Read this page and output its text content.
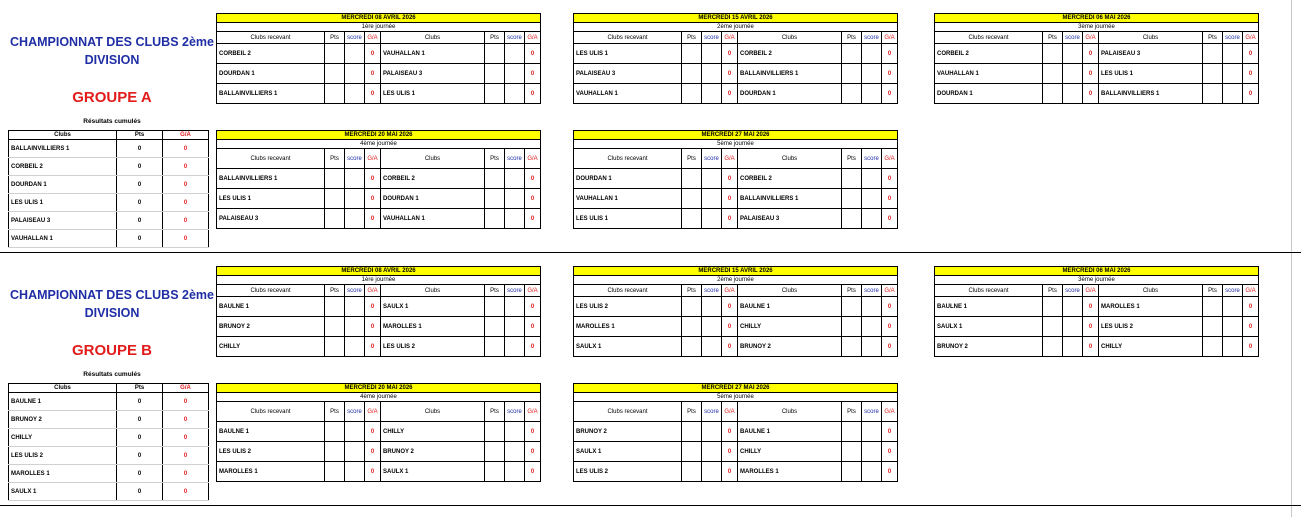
CHAMPIONNAT DES CLUBS 2ème DIVISION
GROUPE A
Résultats cumulés
Clubs	Pts	G/A
BALLAINVILLIERS 1	0	0
CORBEIL 2	0	0
DOURDAN 1	0	0
LES ULIS 1	0	0
PALAISEAU 3	0	0
VAUHALLAN 1	0	0
MERCREDI 08 AVRIL 2026							
1ère journée							
Clubs recevant	Pts	score	G/A	Clubs	Pts	score	G/A
CORBEIL 2			0	VAUHALLAN 1			0
DOURDAN 1			0	PALAISEAU 3			0
BALLAINVILLIERS 1			0	LES ULIS 1			0
MERCREDI 15 AVRIL 2026							
2ème journée							
Clubs recevant	Pts	score	G/A	Clubs	Pts	score	G/A
LES ULIS 1			0	CORBEIL 2			0
PALAISEAU 3			0	BALLAINVILLIERS 1			0
VAUHALLAN 1			0	DOURDAN 1			0
MERCREDI 06 MAI 2026							
3ème journée							
Clubs recevant	Pts	score	G/A	Clubs	Pts	score	G/A
CORBEIL 2			0	PALAISEAU 3			0
VAUHALLAN 1			0	LES ULIS 1			0
DOURDAN 1			0	BALLAINVILLIERS 1			0
MERCREDI 20 MAI 2026							
4ème journée							
Clubs recevant	Pts	score	G/A	Clubs	Pts	score	G/A
BALLAINVILLIERS 1			0	CORBEIL 2			0
LES ULIS 1			0	DOURDAN 1			0
PALAISEAU 3			0	VAUHALLAN 1			0
MERCREDI 27 MAI 2026							
5ème journée							
Clubs recevant	Pts	score	G/A	Clubs	Pts	score	G/A
DOURDAN 1			0	CORBEIL 2			0
VAUHALLAN 1			0	BALLAINVILLIERS 1			0
LES ULIS 1			0	PALAISEAU 3			0
CHAMPIONNAT DES CLUBS 2ème DIVISION
GROUPE B
Résultats cumulés
Clubs	Pts	G/A
BAULNE 1	0	0
BRUNOY 2	0	0
CHILLY	0	0
LES ULIS 2	0	0
MAROLLES 1	0	0
SAULX 1	0	0
MERCREDI 08 AVRIL 2026							
1ère journée							
Clubs recevant	Pts	score	G/A	Clubs	Pts	score	G/A
BAULNE 1			0	SAULX 1			0
BRUNOY 2			0	MAROLLES 1			0
CHILLY			0	LES ULIS 2			0
MERCREDI 15 AVRIL 2026							
2ème journée							
Clubs recevant	Pts	score	G/A	Clubs	Pts	score	G/A
LES ULIS 2			0	BAULNE 1			0
MAROLLES 1			0	CHILLY			0
SAULX 1			0	BRUNOY 2			0
MERCREDI 06 MAI 2026							
3ème journée							
Clubs recevant	Pts	score	G/A	Clubs	Pts	score	G/A
BAULNE 1			0	MAROLLES 1			0
SAULX 1			0	LES ULIS 2			0
BRUNOY 2			0	CHILLY			0
MERCREDI 20 MAI 2026							
4ème journée							
Clubs recevant	Pts	score	G/A	Clubs	Pts	score	G/A
BAULNE 1			0	CHILLY			0
LES ULIS 2			0	BRUNOY 2			0
MAROLLES 1			0	SAULX 1			0
MERCREDI 27 MAI 2026							
5ème journée							
Clubs recevant	Pts	score	G/A	Clubs	Pts	score	G/A
BRUNOY 2			0	BAULNE 1			0
SAULX 1			0	CHILLY			0
LES ULIS 2			0	MAROLLES 1			0
